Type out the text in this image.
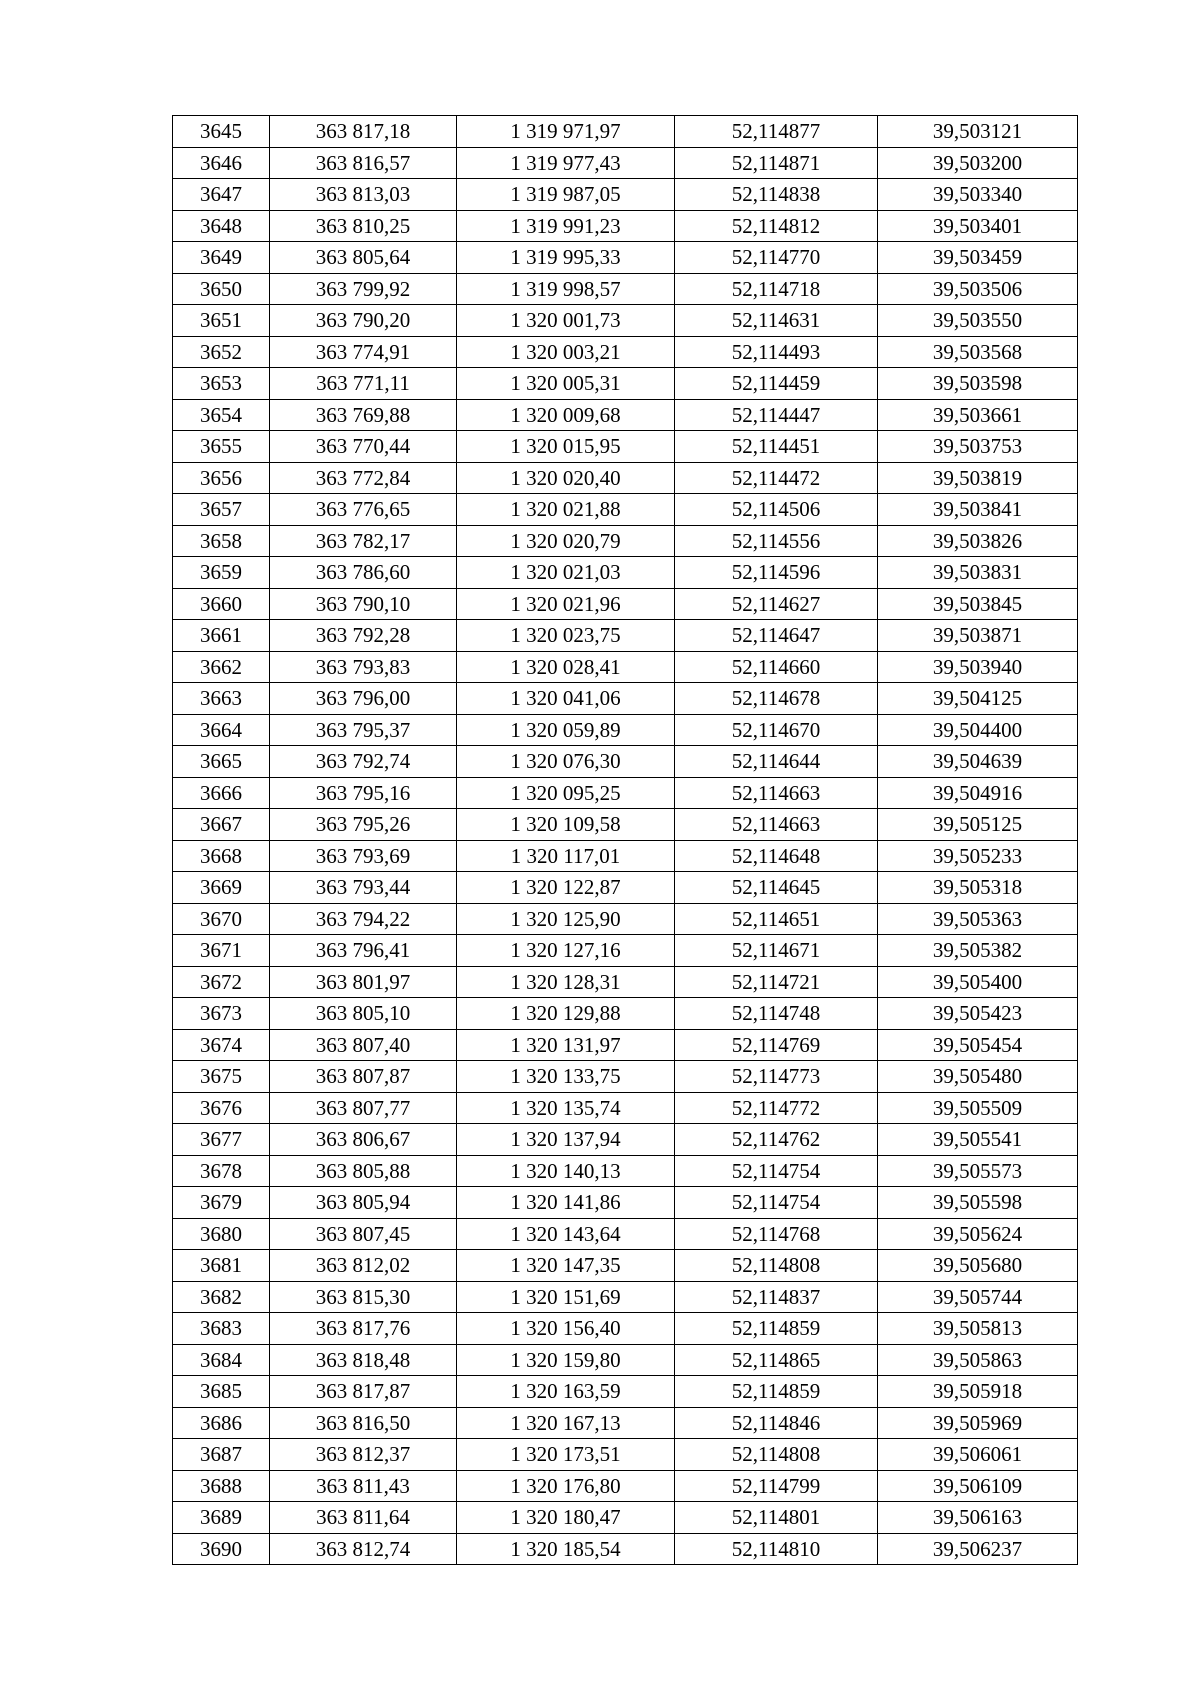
3645	363 817,18	1 319 971,97	52,114877	39,503121
3646	363 816,57	1 319 977,43	52,114871	39,503200
3647	363 813,03	1 319 987,05	52,114838	39,503340
3648	363 810,25	1 319 991,23	52,114812	39,503401
3649	363 805,64	1 319 995,33	52,114770	39,503459
3650	363 799,92	1 319 998,57	52,114718	39,503506
3651	363 790,20	1 320 001,73	52,114631	39,503550
3652	363 774,91	1 320 003,21	52,114493	39,503568
3653	363 771,11	1 320 005,31	52,114459	39,503598
3654	363 769,88	1 320 009,68	52,114447	39,503661
3655	363 770,44	1 320 015,95	52,114451	39,503753
3656	363 772,84	1 320 020,40	52,114472	39,503819
3657	363 776,65	1 320 021,88	52,114506	39,503841
3658	363 782,17	1 320 020,79	52,114556	39,503826
3659	363 786,60	1 320 021,03	52,114596	39,503831
3660	363 790,10	1 320 021,96	52,114627	39,503845
3661	363 792,28	1 320 023,75	52,114647	39,503871
3662	363 793,83	1 320 028,41	52,114660	39,503940
3663	363 796,00	1 320 041,06	52,114678	39,504125
3664	363 795,37	1 320 059,89	52,114670	39,504400
3665	363 792,74	1 320 076,30	52,114644	39,504639
3666	363 795,16	1 320 095,25	52,114663	39,504916
3667	363 795,26	1 320 109,58	52,114663	39,505125
3668	363 793,69	1 320 117,01	52,114648	39,505233
3669	363 793,44	1 320 122,87	52,114645	39,505318
3670	363 794,22	1 320 125,90	52,114651	39,505363
3671	363 796,41	1 320 127,16	52,114671	39,505382
3672	363 801,97	1 320 128,31	52,114721	39,505400
3673	363 805,10	1 320 129,88	52,114748	39,505423
3674	363 807,40	1 320 131,97	52,114769	39,505454
3675	363 807,87	1 320 133,75	52,114773	39,505480
3676	363 807,77	1 320 135,74	52,114772	39,505509
3677	363 806,67	1 320 137,94	52,114762	39,505541
3678	363 805,88	1 320 140,13	52,114754	39,505573
3679	363 805,94	1 320 141,86	52,114754	39,505598
3680	363 807,45	1 320 143,64	52,114768	39,505624
3681	363 812,02	1 320 147,35	52,114808	39,505680
3682	363 815,30	1 320 151,69	52,114837	39,505744
3683	363 817,76	1 320 156,40	52,114859	39,505813
3684	363 818,48	1 320 159,80	52,114865	39,505863
3685	363 817,87	1 320 163,59	52,114859	39,505918
3686	363 816,50	1 320 167,13	52,114846	39,505969
3687	363 812,37	1 320 173,51	52,114808	39,506061
3688	363 811,43	1 320 176,80	52,114799	39,506109
3689	363 811,64	1 320 180,47	52,114801	39,506163
3690	363 812,74	1 320 185,54	52,114810	39,506237
